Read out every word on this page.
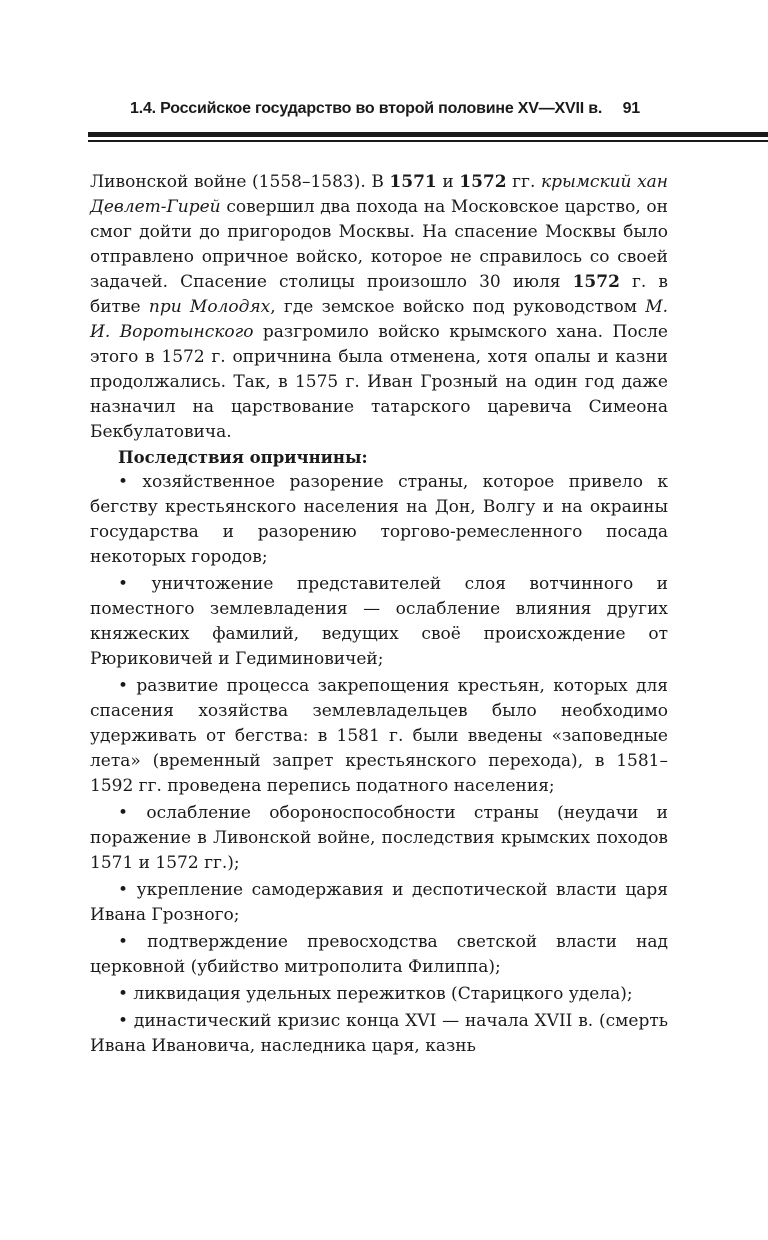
1.4. Российское государство во второй половине XV—XVII в. 91

Ливонской войне (1558–1583). В 1571 и 1572 гг. крымский хан Девлет-Гирей совершил два похода на Московское царство, он смог дойти до пригородов Москвы. На спасение Москвы было отправлено опричное войско, которое не справилось со своей задачей. Спасение столицы произошло 30 июля 1572 г. в битве при Молодях, где земское войско под руководством М. И. Воротынского разгромило войско крымского хана. После этого в 1572 г. опричнина была отменена, хотя опалы и казни продолжались. Так, в 1575 г. Иван Грозный на один год даже назначил на царствование татарского царевича Симеона Бекбулатовича.

Последствия опричнины:

• хозяйственное разорение страны, которое привело к бегству крестьянского населения на Дон, Волгу и на окраины государства и разорению торгово-ремесленного посада некоторых городов;

• уничтожение представителей слоя вотчинного и поместного землевладения — ослабление влияния других княжеских фамилий, ведущих своё происхождение от Рюриковичей и Гедиминовичей;

• развитие процесса закрепощения крестьян, которых для спасения хозяйства землевладельцев было необходимо удерживать от бегства: в 1581 г. были введены «заповедные лета» (временный запрет крестьянского перехода), в 1581–1592 гг. проведена перепись податного населения;

• ослабление обороноспособности страны (неудачи и поражение в Ливонской войне, последствия крымских походов 1571 и 1572 гг.);

• укрепление самодержавия и деспотической власти царя Ивана Грозного;

• подтверждение превосходства светской власти над церковной (убийство митрополита Филиппа);

• ликвидация удельных пережитков (Старицкого удела);

• династический кризис конца XVI — начала XVII в. (смерть Ивана Ивановича, наследника царя, казнь
